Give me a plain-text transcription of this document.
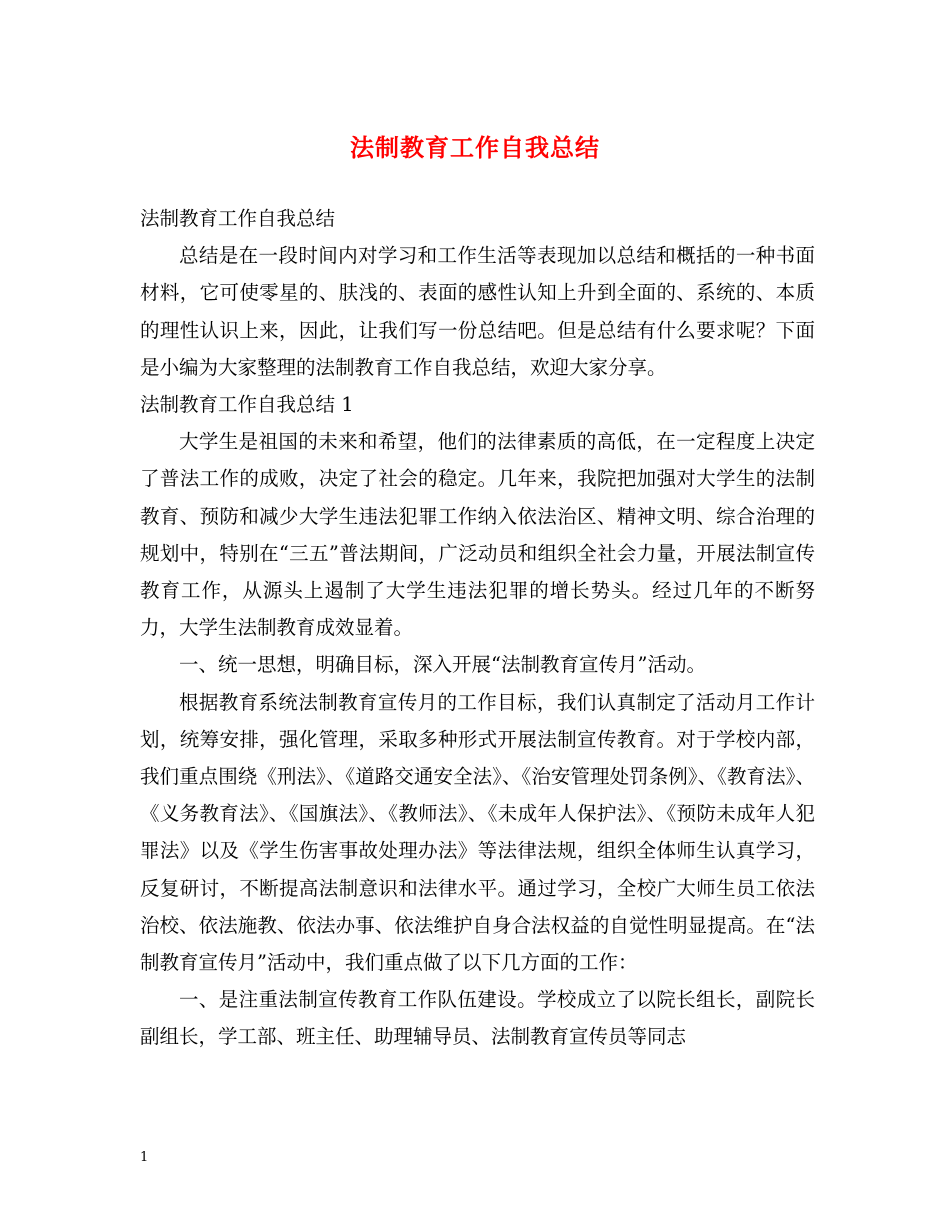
法制教育工作自我总结

法制教育工作自我总结

总结是在一段时间内对学习和工作生活等表现加以总结和概括的一种书面材料，它可使零星的、肤浅的、表面的感性认知上升到全面的、系统的、本质的理性认识上来，因此，让我们写一份总结吧。但是总结有什么要求呢？下面是小编为大家整理的法制教育工作自我总结，欢迎大家分享。

法制教育工作自我总结 1

大学生是祖国的未来和希望，他们的法律素质的高低，在一定程度上决定了普法工作的成败，决定了社会的稳定。几年来，我院把加强对大学生的法制教育、预防和减少大学生违法犯罪工作纳入依法治区、精神文明、综合治理的规划中，特别在“三五”普法期间，广泛动员和组织全社会力量，开展法制宣传教育工作，从源头上遏制了大学生违法犯罪的增长势头。经过几年的不断努力，大学生法制教育成效显着。

一、统一思想，明确目标，深入开展“法制教育宣传月”活动。

根据教育系统法制教育宣传月的工作目标，我们认真制定了活动月工作计划，统筹安排，强化管理，采取多种形式开展法制宣传教育。对于学校内部，我们重点围绕《刑法》、《道路交通安全法》、《治安管理处罚条例》、《教育法》、《义务教育法》、《国旗法》、《教师法》、《未成年人保护法》、《预防未成年人犯罪法》以及《学生伤害事故处理办法》等法律法规，组织全体师生认真学习，反复研讨，不断提高法制意识和法律水平。通过学习，全校广大师生员工依法治校、依法施教、依法办事、依法维护自身合法权益的自觉性明显提高。在“法制教育宣传月”活动中，我们重点做了以下几方面的工作：

一、是注重法制宣传教育工作队伍建设。学校成立了以院长组长，副院长副组长，学工部、班主任、助理辅导员、法制教育宣传员等同志

1
